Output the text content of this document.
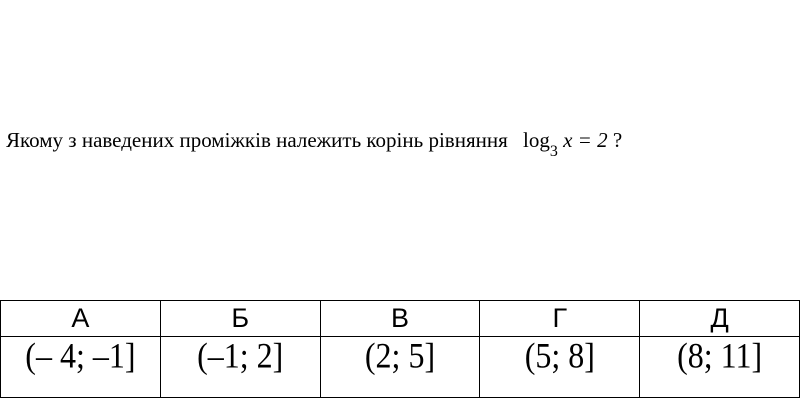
Якому з наведених проміжків належить корінь рівняння $\log_3 x = 2$ ?
А	Б	В	Г	Д
(– 4; –1]	(–1; 2]	(2; 5]	(5; 8]	(8; 11]
